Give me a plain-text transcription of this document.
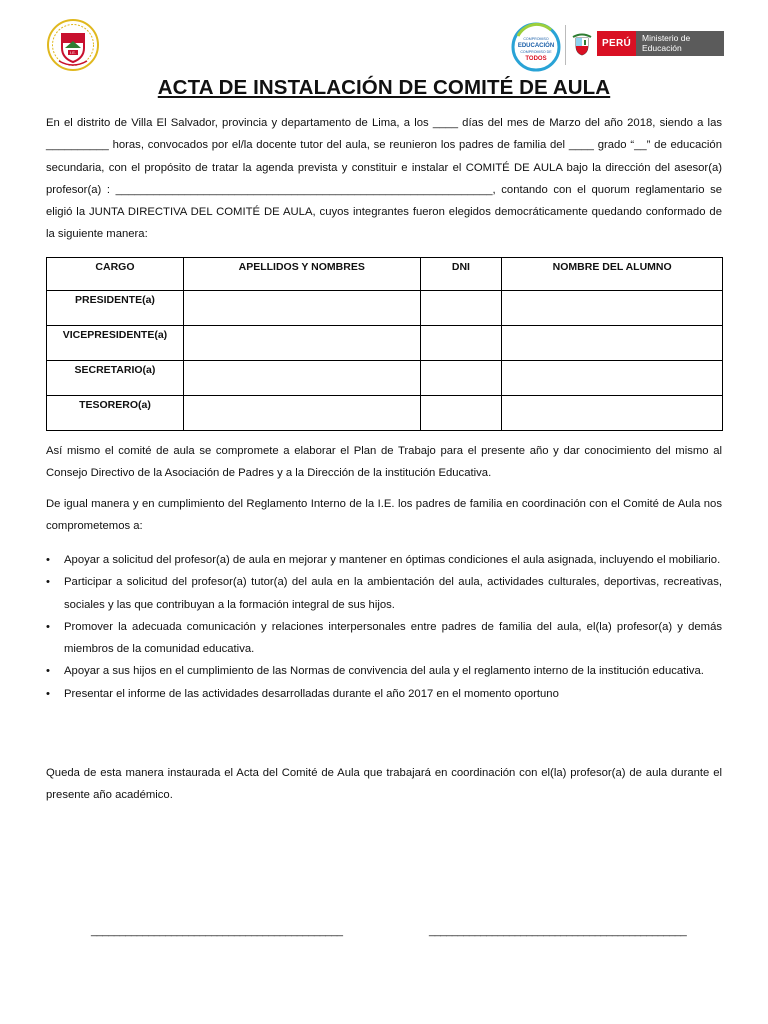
I.E.
COMPROMISO
EDUCACIÓN
COMPROMISO DE
TODOS
PERÚ	Ministerio de Educación
ACTA DE INSTALACIÓN DE COMITÉ DE AULA

En el distrito de Villa El Salvador, provincia y departamento de Lima, a los ____ días del mes de Marzo del año 2018, siendo a las __________ horas, convocados por el/la docente tutor del aula, se reunieron los padres de familia del ____ grado “__” de educación secundaria, con el propósito de tratar la agenda prevista y constituir e instalar el COMITÉ DE AULA bajo la dirección del asesor(a) profesor(a) : ____________________________________________________________, contando con el quorum reglamentario se eligió la JUNTA DIRECTIVA DEL COMITÉ DE AULA, cuyos integrantes fueron elegidos democráticamente quedando conformado de la siguiente manera:

CARGO	APELLIDOS Y NOMBRES	DNI	NOMBRE DEL ALUMNO
PRESIDENTE(a)			
VICEPRESIDENTE(a)			
SECRETARIO(a)			
TESORERO(a)			

Así mismo el comité de aula se compromete a elaborar el Plan de Trabajo para el presente año y dar conocimiento del mismo al Consejo Directivo de la Asociación de Padres y a la Dirección de la institución Educativa.

De igual manera y en cumplimiento del Reglamento Interno de la I.E. los padres de familia en coordinación con el Comité de Aula nos comprometemos a:

• Apoyar a solicitud del profesor(a) de aula en mejorar y mantener en óptimas condiciones el aula asignada, incluyendo el mobiliario.
• Participar a solicitud del profesor(a) tutor(a) del aula en la ambientación del aula, actividades culturales, deportivas, recreativas, sociales y las que contribuyan a la formación integral de sus hijos.
• Promover la adecuada comunicación y relaciones interpersonales entre padres de familia del aula, el(la) profesor(a) y demás miembros de la comunidad educativa.
• Apoyar a sus hijos en el cumplimiento de las Normas de convivencia del aula y el reglamento interno de la institución educativa.
• Presentar el informe de las actividades desarrolladas durante el año 2017 en el momento oportuno

Queda de esta manera instaurada el Acta del Comité de Aula que trabajará en coordinación con el(la) profesor(a) de aula durante el presente año académico.

____________________________________________	_____________________________________________
